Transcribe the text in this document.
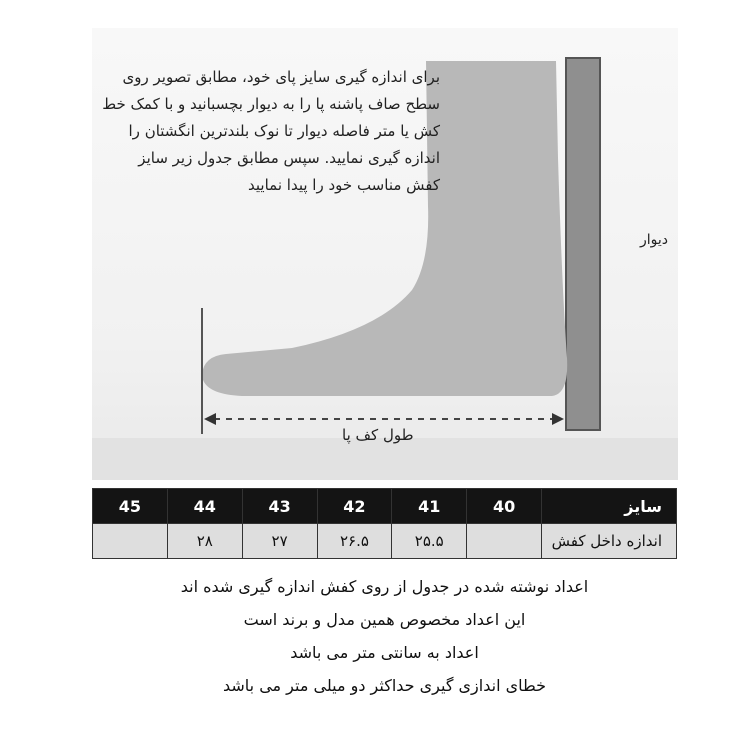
برای اندازه گیری سایز پای خود، مطابق تصویر روی سطح صاف پاشنه پا را به دیوار بچسبانید و با کمک خط کش یا متر فاصله دیوار تا نوک بلندترین انگشتان را اندازه گیری نمایید. سپس مطابق جدول زیر سایز کفش مناسب خود را پیدا نمایید
دیوار
طول کف پا
سایز	40	41	42	43	44	45
اندازه داخل کفش		۲۵.۵	۲۶.۵	۲۷	۲۸	

اعداد نوشته شده در جدول از روی کفش اندازه گیری شده اند

این اعداد مخصوص همین مدل و برند است

اعداد به سانتی متر می باشد

خطای اندازی گیری حداکثر دو میلی متر می باشد
